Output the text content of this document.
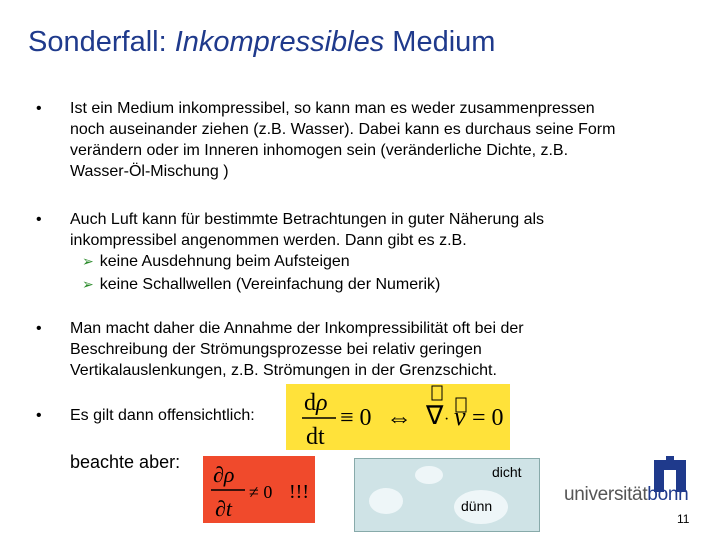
Sonderfall: Inkompressibles Medium
• Ist ein Medium inkompressibel, so kann man es weder zusammenpressen noch auseinander ziehen (z.B. Wasser). Dabei kann es durchaus seine Form verändern oder im Inneren inhomogen sein (veränderliche Dichte, z.B. Wasser-Öl-Mischung )
• Auch Luft kann für bestimmte Betrachtungen in guter Näherung als inkompressibel angenommen werden. Dann gibt es z.B.
➢ keine Ausdehnung beim Aufsteigen
➢ keine Schallwellen (Vereinfachung der Numerik)
• Man macht daher die Annahme der Inkompressibilität oft bei der Beschreibung der Strömungsprozesse bei relativ geringen Vertikalauslenkungen, z.B. Strömungen in der Grenzschicht.
• Es gilt dann offensichtlich:	dρ
dt
≡ 0 ⇔ ∇ · v = 0
beachte aber: ∂ρ
∂t
≠ 0 !!!
dicht
dünn
universitätbonn
11
